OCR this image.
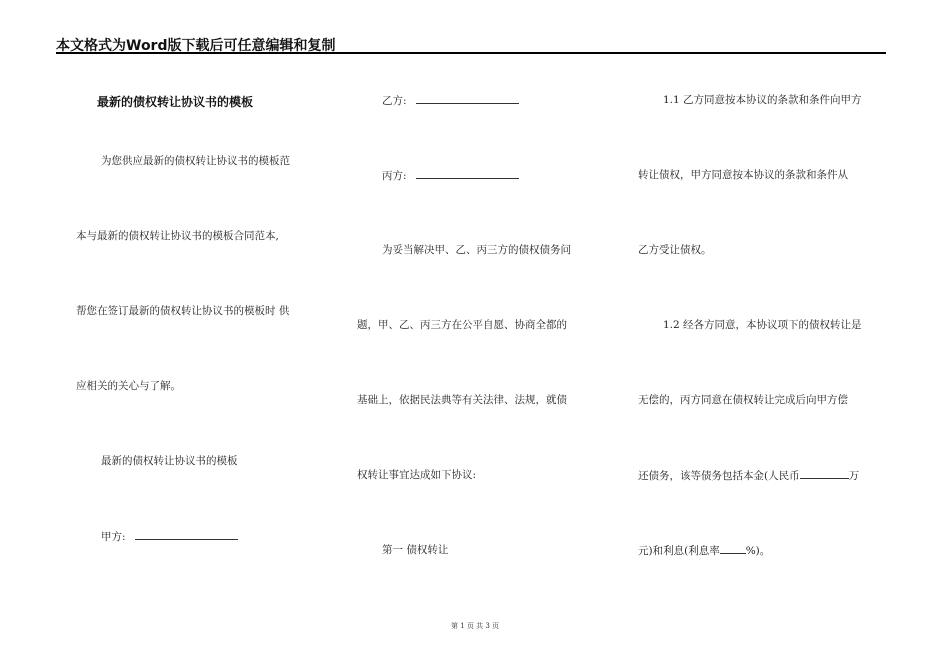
本文格式为Word版下载后可任意编辑和复制
最新的债权转让协议书的模板
为您供应最新的债权转让协议书的模板范
本与最新的债权转让协议书的模板合同范本,
帮您在签订最新的债权转让协议书的模板时 供
应相关的关心与了解。
最新的债权转让协议书的模板
甲方:
乙方:
丙方:
为妥当解决甲、乙、丙三方的债权债务问
题，甲、乙、丙三方在公平自愿、协商全都的
基础上，依据民法典等有关法律、法规，就债
权转让事宜达成如下协议:
第一 债权转让
1.1 乙方同意按本协议的条款和条件向甲方
转让债权，甲方同意按本协议的条款和条件从
乙方受让债权。
1.2 经各方同意，本协议项下的债权转让是
无偿的，丙方同意在债权转让完成后向甲方偿
还债务，该等债务包括本金(人民币	万
元)和利息(利息率 %)。
第 1 页 共 3 页
